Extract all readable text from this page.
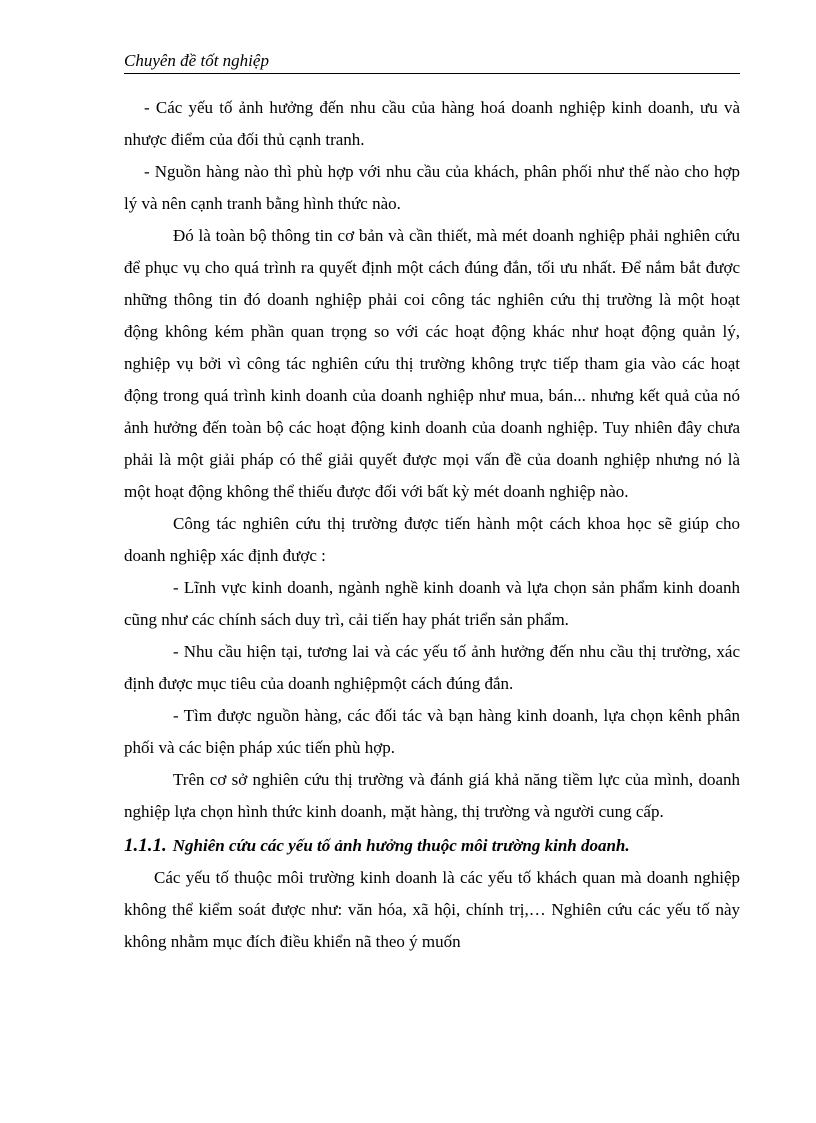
Chuyên đề tốt nghiệp

- Các yếu tố ảnh hưởng đến nhu cầu của hàng hoá doanh nghiệp kinh doanh, ưu và nhược điểm của đối thủ cạnh tranh.

- Nguồn hàng nào thì phù hợp với nhu cầu của khách, phân phối như thế nào cho hợp lý và nên cạnh tranh bằng hình thức nào.

Đó là toàn bộ thông tin cơ bản và cần thiết, mà mét doanh nghiệp phải nghiên cứu để phục vụ cho quá trình ra quyết định một cách đúng đắn, tối ưu nhất. Để nắm bắt được những thông tin đó doanh nghiệp phải coi công tác nghiên cứu thị trường là một hoạt động không kém phần quan trọng so với các hoạt động khác như hoạt động quản lý, nghiệp vụ bởi vì công tác nghiên cứu thị trường không trực tiếp tham gia vào các hoạt động trong quá trình kinh doanh của doanh nghiệp như mua, bán... nhưng kết quả của nó ảnh hưởng đến toàn bộ các hoạt động kinh doanh của doanh nghiệp. Tuy nhiên đây chưa phải là một giải pháp có thể giải quyết được mọi vấn đề của doanh nghiệp nhưng nó là một hoạt động không thể thiếu được đối với bất kỳ mét doanh nghiệp nào.

Công tác nghiên cứu thị trường được tiến hành một cách khoa học sẽ giúp cho doanh nghiệp xác định được :

- Lĩnh vực kinh doanh, ngành nghề kinh doanh và lựa chọn sản phẩm kinh doanh cũng như các chính sách duy trì, cải tiến hay phát triển sản phẩm.

- Nhu cầu hiện tại, tương lai và các yếu tố ảnh hưởng đến nhu cầu thị trường, xác định được mục tiêu của doanh nghiệpmột cách đúng đắn.

- Tìm được nguồn hàng, các đối tác và bạn hàng kinh doanh, lựa chọn kênh phân phối và các biện pháp xúc tiến phù hợp.

Trên cơ sở nghiên cứu thị trường và đánh giá khả năng tiềm lực của mình, doanh nghiệp lựa chọn hình thức kinh doanh, mặt hàng, thị trường và người cung cấp.

1.1.1. Nghiên cứu các yếu tố ảnh hưởng thuộc môi trường kinh doanh.

Các yếu tố thuộc môi trường kinh doanh là các yếu tố khách quan mà doanh nghiệp không thể kiểm soát được như: văn hóa, xã hội, chính trị,… Nghiên cứu các yếu tố này không nhằm mục đích điều khiển nã theo ý muốn
